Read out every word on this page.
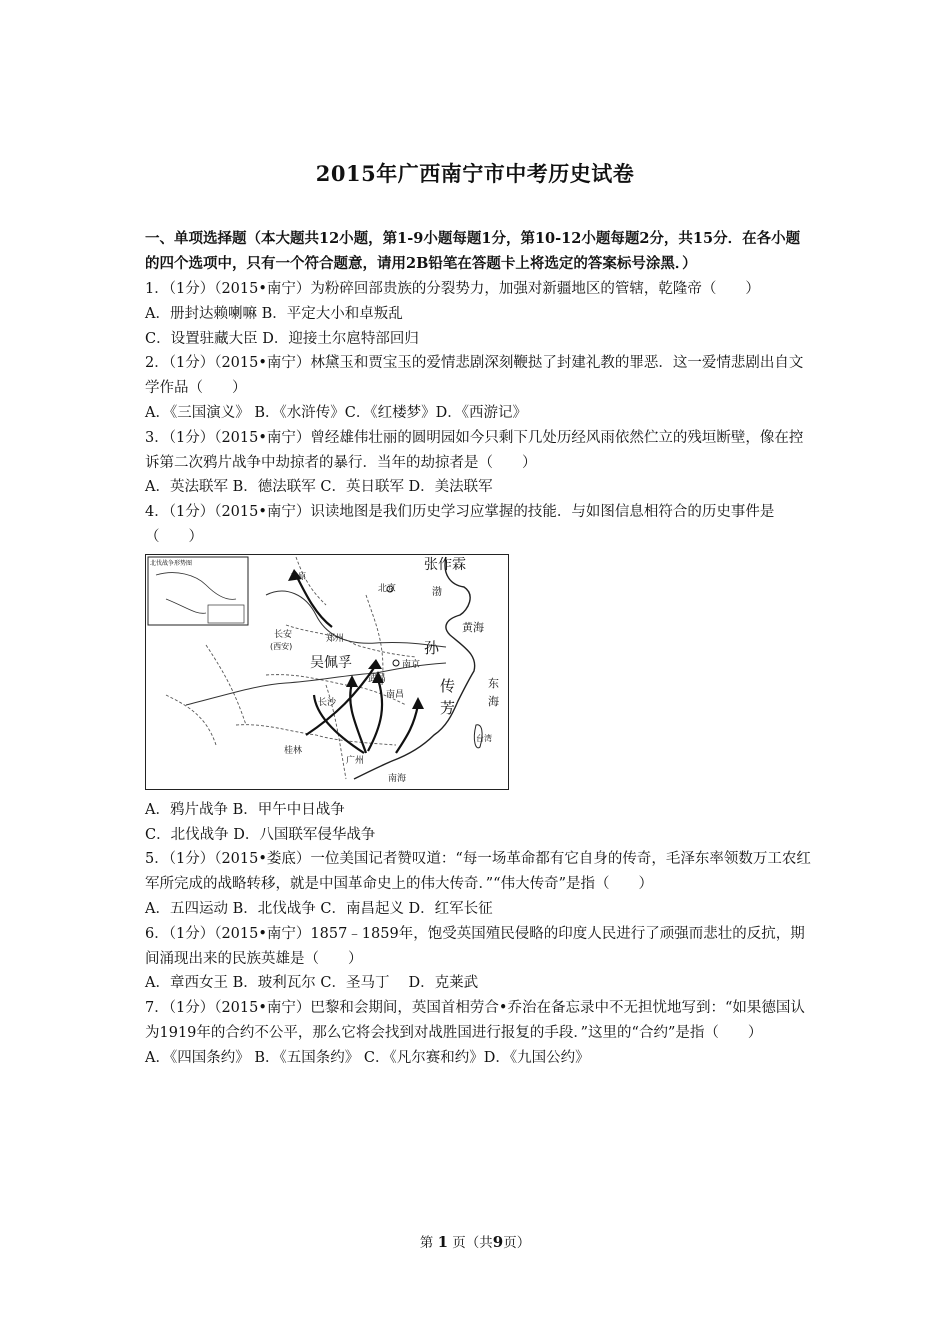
2015年广西南宁市中考历史试卷
一、单项选择题（本大题共12小题，第1-9小题每题1分，第10-12小题每题2分，共15分．在各小题的四个选项中，只有一个符合题意，请用2B铅笔在答题卡上将选定的答案标号涂黑．）
1．（1分）（2015•南宁）为粉碎回部贵族的分裂势力，加强对新疆地区的管辖，乾隆帝（　　）
A．册封达赖喇嘛 B．平定大小和卓叛乱
C．设置驻藏大臣 D．迎接土尔扈特部回归
2．（1分）（2015•南宁）林黛玉和贾宝玉的爱情悲剧深刻鞭挞了封建礼教的罪恶．这一爱情悲剧出自文学作品（　　）
A．《三国演义》 B．《水浒传》C．《红楼梦》D．《西游记》
3．（1分）（2015•南宁）曾经雄伟壮丽的圆明园如今只剩下几处历经风雨依然伫立的残垣断壁，像在控诉第二次鸦片战争中劫掠者的暴行．当年的劫掠者是（　　）
A．英法联军 B．德法联军 C．英日联军 D．美法联军
4．（1分）（2015•南宁）识读地图是我们历史学习应掌握的技能．与如图信息相符合的历史事件是（　　）
北伐战争形势图	张作霖
北京	渤
黄海
孙
传
芳
东
海
吴佩孚
长安
(西安)
郑州
南京
武昌
南昌
长沙
桂林
广州
南海
台湾
五原
A．鸦片战争 B．甲午中日战争
C．北伐战争 D．八国联军侵华战争
5．（1分）（2015•娄底）一位美国记者赞叹道：“每一场革命都有它自身的传奇，毛泽东率领数万工农红军所完成的战略转移，就是中国革命史上的伟大传奇．”“伟大传奇”是指（　　）
A．五四运动 B．北伐战争 C．南昌起义 D．红军长征
6．（1分）（2015•南宁）1857﹣1859年，饱受英国殖民侵略的印度人民进行了顽强而悲壮的反抗，期间涌现出来的民族英雄是（　　）
A．章西女王 B．玻利瓦尔 C．圣马丁　 D．克莱武
7．（1分）（2015•南宁）巴黎和会期间，英国首相劳合•乔治在备忘录中不无担忧地写到：“如果德国认为1919年的合约不公平，那么它将会找到对战胜国进行报复的手段．”这里的“合约”是指（　　）
A．《四国条约》 B．《五国条约》 C．《凡尔赛和约》D．《九国公约》
第 1 页（共9页）
